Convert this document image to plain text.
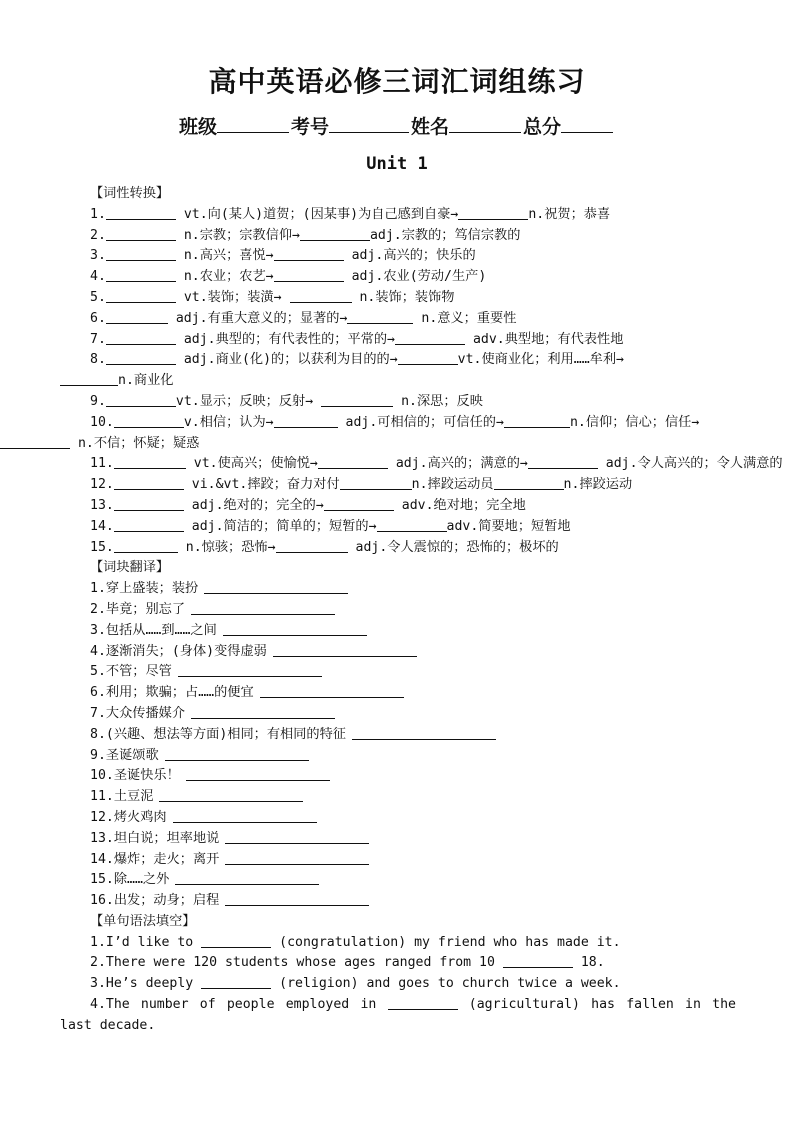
高中英语必修三词汇词组练习
班级	考号	姓名	总分
Unit 1
【词性转换】
1.	vt.向(某人)道贺；(因某事)为自己感到自豪→	n.祝贺；恭喜
2.	n.宗教；宗教信仰→	adj.宗教的；笃信宗教的
3.	n.高兴；喜悦→	adj.高兴的；快乐的
4.	n.农业；农艺→	adj.农业(劳动/生产)
5.	vt.装饰；装潢→	n.装饰；装饰物
6.	adj.有重大意义的；显著的→	n.意义；重要性
7.	adj.典型的；有代表性的；平常的→	adv.典型地；有代表性地
8.	adj.商业(化)的；以获利为目的的→	vt.使商业化；利用……牟利→
n.商业化
9.	vt.显示；反映；反射→	n.深思；反映
10.	v.相信；认为→	adj.可相信的；可信任的→	n.信仰；信心；信任→
n.不信；怀疑；疑惑
11.	vt.使高兴；使愉悦→	adj.高兴的；满意的→	adj.令人高兴的；令人满意的
12.	vi.&vt.摔跤；奋力对付	n.摔跤运动员	n.摔跤运动
13.	adj.绝对的；完全的→	adv.绝对地；完全地
14.	adj.简洁的；简单的；短暂的→	adv.简要地；短暂地
15.	n.惊骇；恐怖→	adj.令人震惊的；恐怖的；极坏的
【词块翻译】
1.穿上盛装；装扮
2.毕竟；别忘了
3.包括从……到……之间
4.逐渐消失；(身体)变得虚弱
5.不管；尽管
6.利用；欺骗；占……的便宜
7.大众传播媒介
8.(兴趣、想法等方面)相同；有相同的特征
9.圣诞颂歌
10.圣诞快乐！
11.土豆泥
12.烤火鸡肉
13.坦白说；坦率地说
14.爆炸；走火；离开
15.除……之外
16.出发；动身；启程
【单句语法填空】
1.I’d like to	(congratulation) my friend who has made it.
2.There were 120 students whose ages ranged from 10	18.
3.He’s deeply	(religion) and goes to church twice a week.
4.The number of people employed in	(agricultural) has fallen in the last decade.
